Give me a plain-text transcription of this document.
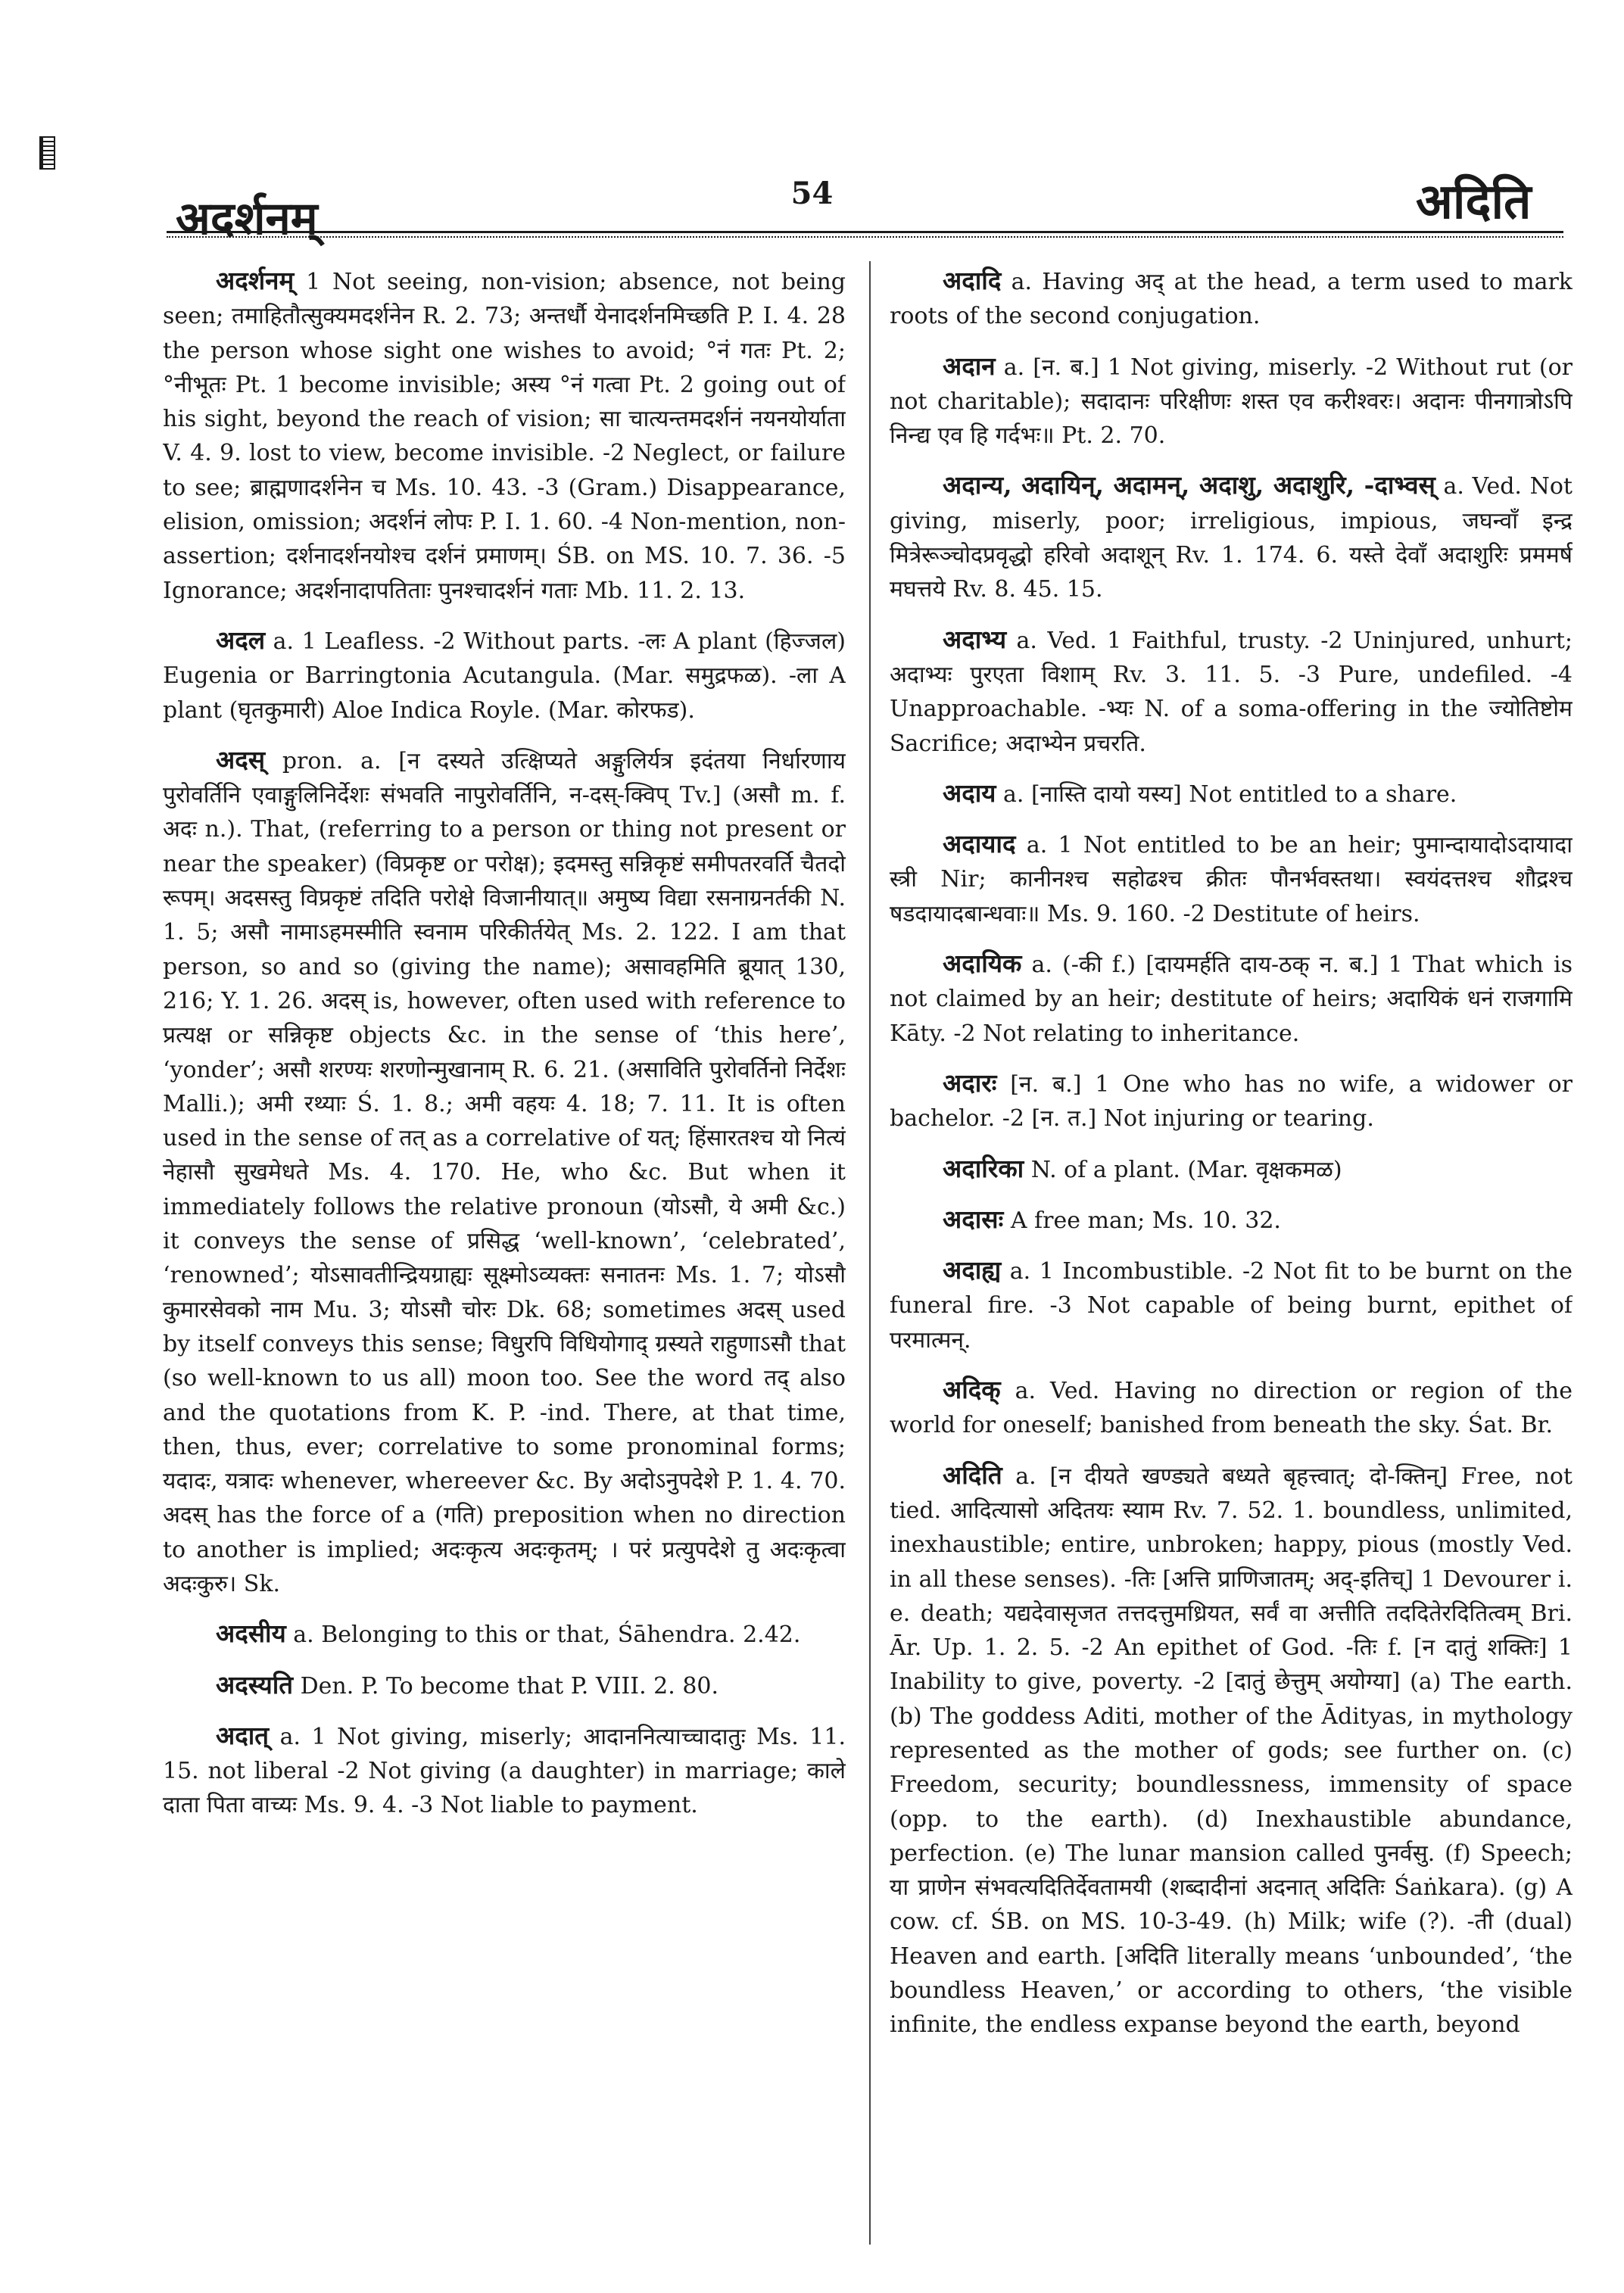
अदर्शनम्	54	अदिति

अदर्शनम् 1 Not seeing, non-vision; absence, not being seen; तमाहितौत्सुक्यमदर्शनेन R. 2. 73; अन्तर्धौ येनादर्शनमिच्छति P. I. 4. 28 the person whose sight one wishes to avoid; °नं गतः Pt. 2; °नीभूतः Pt. 1 become invisible; अस्य °नं गत्वा Pt. 2 going out of his sight, beyond the reach of vision; सा चात्यन्तमदर्शनं नयनयोर्याता V. 4. 9. lost to view, become invisible. -2 Neglect, or failure to see; ब्राह्मणादर्शनेन च Ms. 10. 43. -3 (Gram.) Disappearance, elision, omission; अदर्शनं लोपः P. I. 1. 60. -4 Non-mention, non-assertion; दर्शनादर्शनयोश्च दर्शनं प्रमाणम्। ŚB. on MS. 10. 7. 36. -5 Ignorance; अदर्शनादापतिताः पुनश्चादर्शनं गताः Mb. 11. 2. 13.

अदल a. 1 Leafless. -2 Without parts. -लः A plant (हिज्जल) Eugenia or Barringtonia Acutangula. (Mar. समुद्रफळ). -ला A plant (घृतकुमारी) Aloe Indica Royle. (Mar. कोरफड).

अदस् pron. a. [न दस्यते उत्क्षिप्यते अङ्गुलिर्यत्र इदंतया निर्धारणाय पुरोवर्तिनि एवाङ्गुलिनिर्देशः संभवति नापुरोवर्तिनि, न-दस्-क्विप् Tv.] (असौ m. f. अदः n.). That, (referring to a person or thing not present or near the speaker) (विप्रकृष्ट or परोक्ष); इदमस्तु सन्निकृष्टं समीपतरवर्ति चैतदो रूपम्। अदसस्तु विप्रकृष्टं तदिति परोक्षे विजानीयात्॥ अमुष्य विद्या रसनाग्रनर्तकी N. 1. 5; असौ नामाऽहमस्मीति स्वनाम परिकीर्तयेत् Ms. 2. 122. I am that person, so and so (giving the name); असावहमिति ब्रूयात् 130, 216; Y. 1. 26. अदस् is, however, often used with reference to प्रत्यक्ष or सन्निकृष्ट objects &c. in the sense of ‘this here’, ‘yonder’; असौ शरण्यः शरणोन्मुखानाम् R. 6. 21. (असाविति पुरोवर्तिनो निर्देशः Malli.); अमी रथ्याः Ś. 1. 8.; अमी वहयः 4. 18; 7. 11. It is often used in the sense of तत् as a correlative of यत्; हिंसारतश्च यो नित्यं नेहासौ सुखमेधते Ms. 4. 170. He, who &c. But when it immediately follows the relative pronoun (योऽसौ, ये अमी &c.) it conveys the sense of प्रसिद्ध ‘well-known’, ‘celebrated’, ‘renowned’; योऽसावतीन्द्रियग्राह्यः सूक्ष्मोऽव्यक्तः सनातनः Ms. 1. 7; योऽसौ कुमारसेवको नाम Mu. 3; योऽसौ चोरः Dk. 68; sometimes अदस् used by itself conveys this sense; विधुरपि विधियोगाद् ग्रस्यते राहुणाऽसौ that (so well-known to us all) moon too. See the word तद् also and the quotations from K. P. -ind. There, at that time, then, thus, ever; correlative to some pronominal forms; यदादः, यत्रादः whenever, whereever &c. By अदोऽनुपदेशे P. 1. 4. 70. अदस् has the force of a (गति) preposition when no direction to another is implied; अदःकृत्य अदःकृतम्; । परं प्रत्युपदेशे तु अदःकृत्वा अदःकुरु। Sk.

अदसीय a. Belonging to this or that, Śāhendra. 2.42.

अदस्यति Den. P. To become that P. VIII. 2. 80.

अदात् a. 1 Not giving, miserly; आदाननित्याच्चादातुः Ms. 11. 15. not liberal -2 Not giving (a daughter) in marriage; काले दाता पिता वाच्यः Ms. 9. 4. -3 Not liable to payment.

अदादि a. Having अद् at the head, a term used to mark roots of the second conjugation.

अदान a. [न. ब.] 1 Not giving, miserly. -2 Without rut (or not charitable); सदादानः परिक्षीणः शस्त एव करीश्वरः। अदानः पीनगात्रोऽपि निन्द्य एव हि गर्दभः॥ Pt. 2. 70.

अदान्य, अदायिन्, अदामन्, अदाशु, अदाशुरि, -दाभ्वस् a. Ved. Not giving, miserly, poor; irreligious, impious, जघन्वाँ इन्द्र मित्रेरूञ्चोदप्रवृद्धो हरिवो अदाशून् Rv. 1. 174. 6. यस्ते देवाँ अदाशुरिः प्रममर्ष मघत्तये Rv. 8. 45. 15.

अदाभ्य a. Ved. 1 Faithful, trusty. -2 Uninjured, unhurt; अदाभ्यः पुरएता विशाम् Rv. 3. 11. 5. -3 Pure, undefiled. -4 Unapproachable. -भ्यः N. of a soma-offering in the ज्योतिष्टोम Sacrifice; अदाभ्येन प्रचरति.

अदाय a. [नास्ति दायो यस्य] Not entitled to a share.

अदायाद a. 1 Not entitled to be an heir; पुमान्दायादोऽदायादा स्त्री Nir; कानीनश्च सहोढश्च क्रीतः पौनर्भवस्तथा। स्वयंदत्तश्च शौद्रश्च षडदायादबान्धवाः॥ Ms. 9. 160. -2 Destitute of heirs.

अदायिक a. (-की f.) [दायमर्हति दाय-ठक् न. ब.] 1 That which is not claimed by an heir; destitute of heirs; अदायिकं धनं राजगामि Kāty. -2 Not relating to inheritance.

अदारः [न. ब.] 1 One who has no wife, a widower or bachelor. -2 [न. त.] Not injuring or tearing.

अदारिका N. of a plant. (Mar. वृक्षकमळ)

अदासः A free man; Ms. 10. 32.

अदाह्य a. 1 Incombustible. -2 Not fit to be burnt on the funeral fire. -3 Not capable of being burnt, epithet of परमात्मन्.

अदिक् a. Ved. Having no direction or region of the world for oneself; banished from beneath the sky. Śat. Br.

अदिति a. [न दीयते खण्ड्यते बध्यते बृहत्त्वात्; दो-क्तिन्] Free, not tied. आदित्यासो अदितयः स्याम Rv. 7. 52. 1. boundless, unlimited, inexhaustible; entire, unbroken; happy, pious (mostly Ved. in all these senses). -तिः [अत्ति प्राणिजातम्; अद्-इतिच्] 1 Devourer i. e. death; यद्यदेवासृजत तत्तदत्तुमध्रियत, सर्वं वा अत्तीति तददितेरदितित्वम् Bri. Ār. Up. 1. 2. 5. -2 An epithet of God. -तिः f. [न दातुं शक्तिः] 1 Inability to give, poverty. -2 [दातुं छेत्तुम् अयोग्या] (a) The earth. (b) The goddess Aditi, mother of the Ādityas, in mythology represented as the mother of gods; see further on. (c) Freedom, security; boundlessness, immensity of space (opp. to the earth). (d) Inexhaustible abundance, perfection. (e) The lunar mansion called पुनर्वसु. (f) Speech; या प्राणेन संभवत्यदितिर्देवतामयी (शब्दादीनां अदनात् अदितिः Śaṅkara). (g) A cow. cf. ŚB. on MS. 10-3-49. (h) Milk; wife (?). -ती (dual) Heaven and earth. [अदिति literally means ‘unbounded’, ‘the boundless Heaven,’ or according to others, ‘the visible infinite, the endless expanse beyond the earth, beyond
